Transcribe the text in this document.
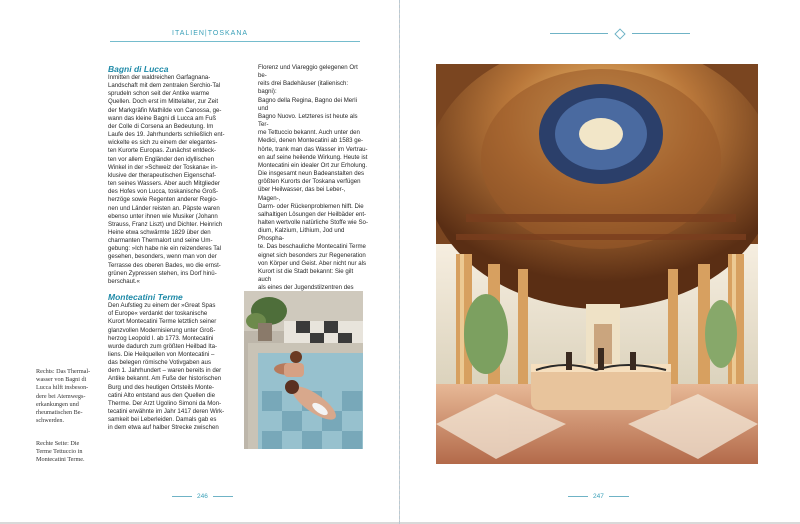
ITALIEN|TOSKANA
Bagni di Lucca
Inmitten der waldreichen Garfagnana-
Landschaft mit dem zentralen Serchio-Tal
sprudeln schon seit der Antike warme
Quellen. Doch erst im Mittelalter, zur Zeit
der Markgräfin Mathilde von Canossa, ge-
wann das kleine Bagni di Lucca am Fuß
der Colle di Corsena an Bedeutung. Im
Laufe des 19. Jahrhunderts schließlich ent-
wickelte es sich zu einem der elegantes-
ten Kurorte Europas. Zunächst entdeck-
ten vor allem Engländer den idyllischen
Winkel in der »Schweiz der Toskana« in-
klusive der therapeutischen Eigenschaf-
ten seines Wassers. Aber auch Mitglieder
des Hofes von Lucca, toskanische Groß-
herzöge sowie Regenten anderer Regio-
nen und Länder reisten an. Päpste waren
ebenso unter ihnen wie Musiker (Johann
Strauss, Franz Liszt) und Dichter. Heinrich
Heine etwa schwärmte 1829 über den
charmanten Thermalort und seine Um-
gebung: »Ich habe nie ein reizenderes Tal
gesehen, besonders, wenn man von der
Terrasse des oberen Bades, wo die ernst-
grünen Zypressen stehen, ins Dorf hinü-
berschaut.«
Montecatini Terme
Den Aufstieg zu einem der »Great Spas
of Europe« verdankt der toskanische
Kurort Montecatini Terme letztlich seiner
glanzvollen Modernisierung unter Groß-
herzog Leopold I. ab 1773. Montecatini
wurde dadurch zum größten Heilbad Ita-
liens. Die Heilquellen von Montecatini –
das belegen römische Votivgaben aus
dem 1. Jahrhundert – waren bereits in der
Antike bekannt. Am Fuße der historischen
Burg und des heutigen Ortsteils Monte-
catini Alto entstand aus den Quellen die
Therme. Der Arzt Ugolino Simoni da Mon-
tecatini erwähnte im Jahr 1417 deren Wirk-
samkeit bei Leberleiden. Damals gab es
in dem etwa auf halber Strecke zwischen
Florenz und Viareggio gelegenen Ort be-
reits drei Badehäuser (italienisch: bagni):
Bagno della Regina, Bagno dei Merli und
Bagno Nuovo. Letzteres ist heute als Ter-
me Tettuccio bekannt. Auch unter den
Medici, denen Montecatini ab 1583 ge-
hörte, trank man das Wasser im Vertrau-
en auf seine heilende Wirkung. Heute ist
Montecatini ein idealer Ort zur Erholung.
Die insgesamt neun Badeanstalten des
größten Kurorts der Toskana verfügen
über Heilwasser, das bei Leber-, Magen-,
Darm- oder Rückenproblemen hilft. Die
salhaltigen Lösungen der Heilbäder ent-
halten wertvolle natürliche Stoffe wie So-
dium, Kalzium, Lithium, Jod und Phospha-
te. Das beschauliche Montecatini Terme
eignet sich besonders zur Regeneration
von Körper und Geist. Aber nicht nur als
Kurort ist die Stadt bekannt: Sie gilt auch
als eines der Jugendstilzentren des

Rechts: Das Thermal-
wasser von Bagni di
Lucca hilft insbeson-
dere bei Atemwegs-
erkankungen und
rheumatischen Be-
schwerden.
Rechte Seite: Die
Terme Tettuccio in
Montecatini Terme.
246	247
